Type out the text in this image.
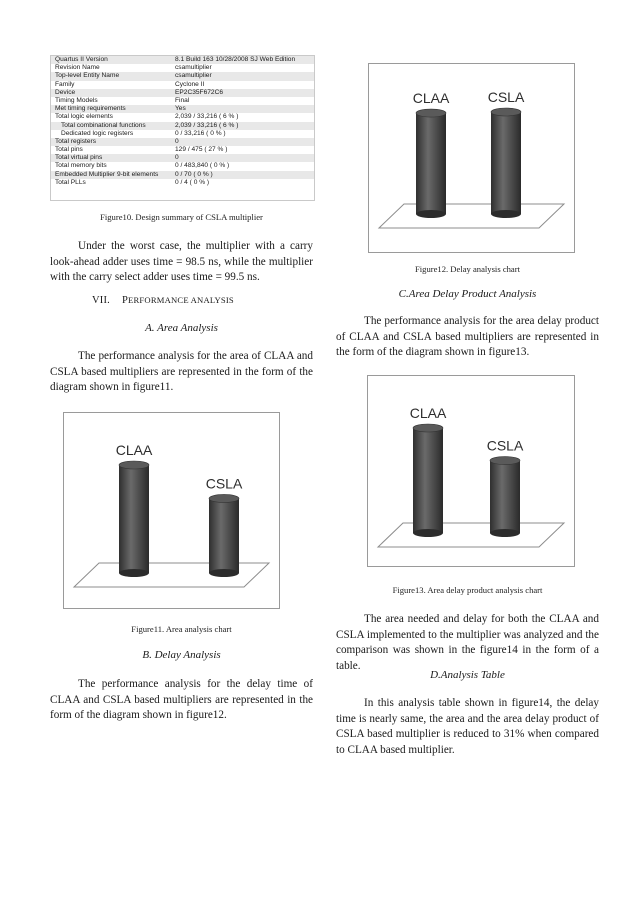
Quartus II Version	8.1 Build 163 10/28/2008 SJ Web Edition
Revision Name	csamultiplier
Top-level Entity Name	csamultiplier
Family	Cyclone II
Device	EP2C35F672C6
Timing Models	Final
Met timing requirements	Yes
Total logic elements	2,039 / 33,216 ( 6 % )
Total combinational functions	2,039 / 33,216 ( 6 % )
Dedicated logic registers	0 / 33,216 ( 0 % )
Total registers	0
Total pins	129 / 475 ( 27 % )
Total virtual pins	0
Total memory bits	0 / 483,840 ( 0 % )
Embedded Multiplier 9-bit elements	0 / 70 ( 0 % )
Total PLLs	0 / 4 ( 0 % )
Figure10. Design summary of CSLA multiplier

Under the worst case, the multiplier with a carry look-ahead adder uses time = 98.5 ns, while the multiplier with the carry select adder uses time = 99.5 ns.

VII. PERFORMANCE ANALYSIS
A. Area Analysis

The performance analysis for the area of CLAA and CSLA based multipliers are represented in the form of the diagram shown in figure11.

CLAA
CSLA
Figure11. Area analysis chart
B. Delay Analysis

The performance analysis for the delay time of CLAA and CSLA based multipliers are represented in the form of the diagram shown in figure12.

CLAA	CSLA
Figure12. Delay analysis chart
C.Area Delay Product Analysis

The performance analysis for the area delay product of CLAA and CSLA based multipliers are represented in the form of the diagram shown in figure13.

CLAA
CSLA
Figure13. Area delay product analysis chart

The area needed and delay for both the CLAA and CSLA implemented to the multiplier was analyzed and the comparison was shown in the figure14 in the form of a table.

D.Analysis Table

In this analysis table shown in figure14, the delay time is nearly same, the area and the area delay product of CSLA based multiplier is reduced to 31% when compared to CLAA based multiplier.
